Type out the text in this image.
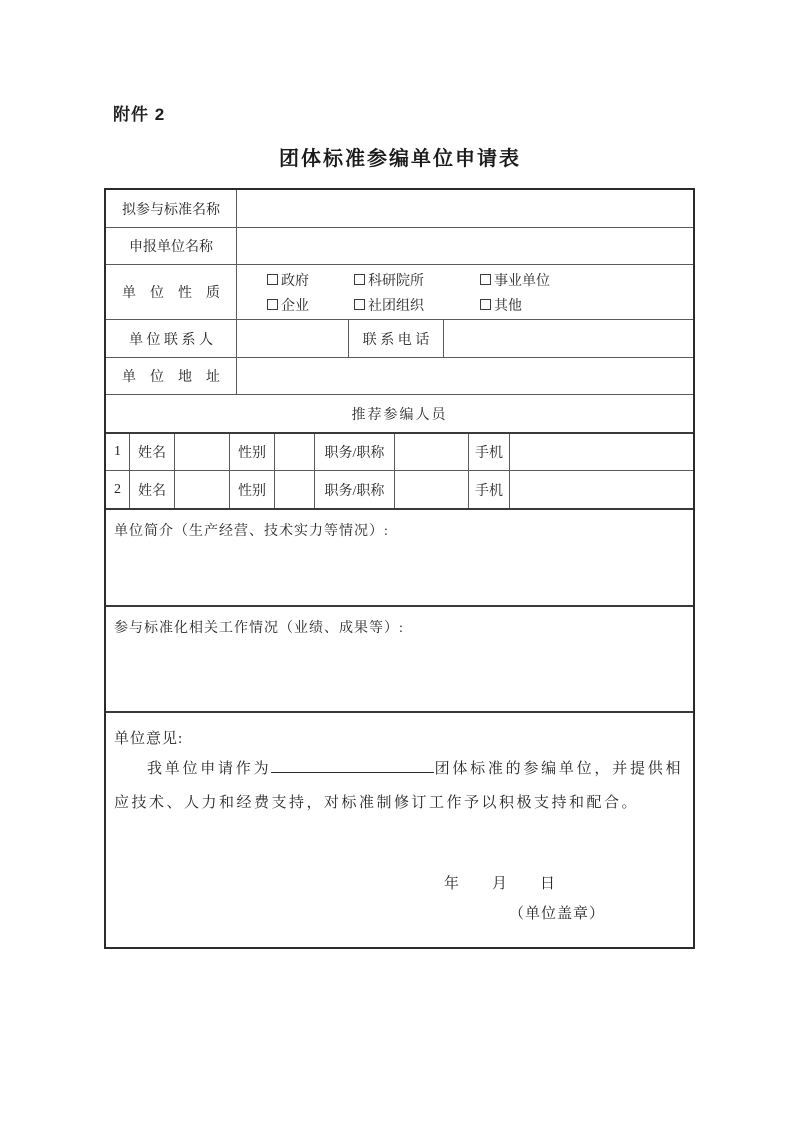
附件 2
团体标准参编单位申请表
拟参与标准名称
申报单位名称
单　位　性　质
政府	科研院所	事业单位
企业	社团组织	其他
单 位 联 系 人	联 系 电 话
单　位　地　址
推荐参编人员
1	姓名	性别	职务/职称	手机
2	姓名	性别	职务/职称	手机
单位简介（生产经营、技术实力等情况）:
参与标准化相关工作情况（业绩、成果等）:
单位意见:
我单位申请作为	团体标准的参编单位，并提供相应技术、人力和经费支持，对标准制修订工作予以积极支持和配合。
年　　月　　日
（单位盖章）
